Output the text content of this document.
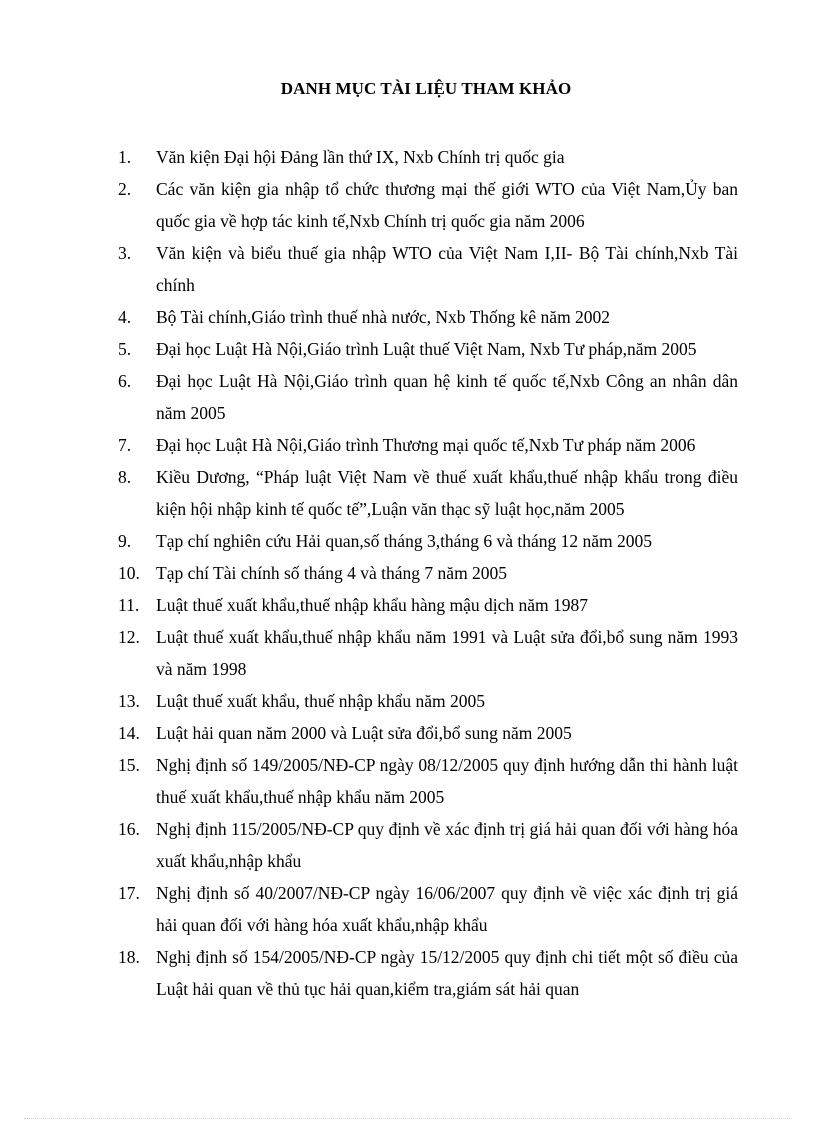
DANH MỤC TÀI LIỆU THAM KHẢO
1. Văn kiện Đại hội Đảng lần thứ IX, Nxb Chính trị quốc gia
2. Các văn kiện gia nhập tổ chức thương mại thế giới WTO của Việt Nam,Ủy ban quốc gia về hợp tác kinh tế,Nxb Chính trị quốc gia năm 2006
3. Văn kiện và biểu thuế gia nhập WTO của Việt Nam I,II- Bộ Tài chính,Nxb Tài chính
4. Bộ Tài chính,Giáo trình thuế nhà nước, Nxb Thống kê năm 2002
5. Đại học Luật Hà Nội,Giáo trình Luật thuế Việt Nam, Nxb Tư pháp,năm 2005
6. Đại học Luật Hà Nội,Giáo trình quan hệ kinh tế quốc tế,Nxb Công an nhân dân năm 2005
7. Đại học Luật Hà Nội,Giáo trình Thương mại quốc tế,Nxb Tư pháp năm 2006
8. Kiều Dương, “Pháp luật Việt Nam về thuế xuất khẩu,thuế nhập khẩu trong điều kiện hội nhập kinh tế quốc tế”,Luận văn thạc sỹ luật học,năm 2005
9. Tạp chí nghiên cứu Hải quan,số tháng 3,tháng 6 và tháng 12 năm 2005
10. Tạp chí Tài chính số tháng 4 và tháng 7 năm 2005
11. Luật thuế xuất khẩu,thuế nhập khẩu hàng mậu dịch năm 1987
12. Luật thuế xuất khẩu,thuế nhập khẩu năm 1991 và Luật sửa đổi,bổ sung năm 1993 và năm 1998
13. Luật thuế xuất khẩu, thuế nhập khẩu năm 2005
14. Luật hải quan năm 2000 và Luật sửa đổi,bổ sung năm 2005
15. Nghị định số 149/2005/NĐ-CP ngày 08/12/2005 quy định hướng dẫn thi hành luật thuế xuất khẩu,thuế nhập khẩu năm 2005
16. Nghị định 115/2005/NĐ-CP quy định về xác định trị giá hải quan đối với hàng hóa xuất khẩu,nhập khẩu
17. Nghị định số 40/2007/NĐ-CP ngày 16/06/2007 quy định về việc xác định trị giá hải quan đối với hàng hóa xuất khẩu,nhập khẩu
18. Nghị định số 154/2005/NĐ-CP ngày 15/12/2005 quy định chi tiết một số điều của Luật hải quan về thủ tục hải quan,kiểm tra,giám sát hải quan
